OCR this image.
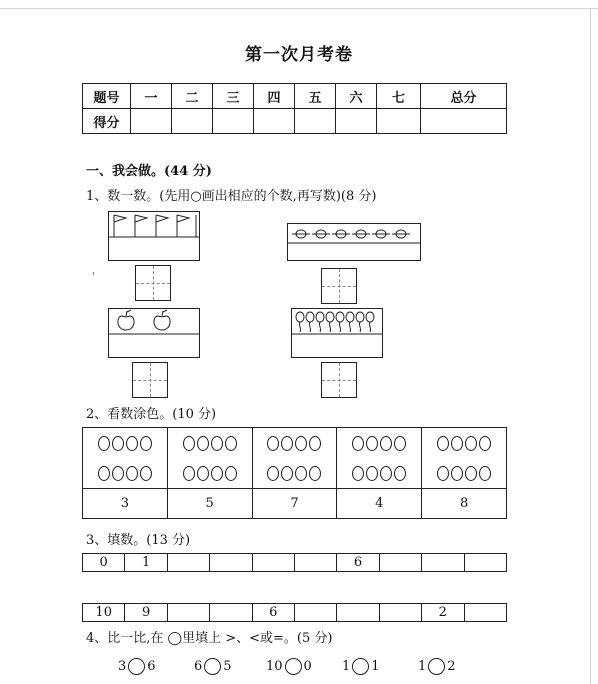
第一次月考卷
题号	一	二	三	四	五	六	七	总分
得分								
一、我会做。(44 分)
1、数一数。(先用○画出相应的个数,再写数)(8 分)
'
2、看数涂色。(10 分)

3	5	7	4	8
3、填数。(13 分)
0	1					6			
10	9			6				2	
4、比一比,在 ◯里填上 >、<或=。(5 分)
3 6	6 5	10 0 1 1	1 2
